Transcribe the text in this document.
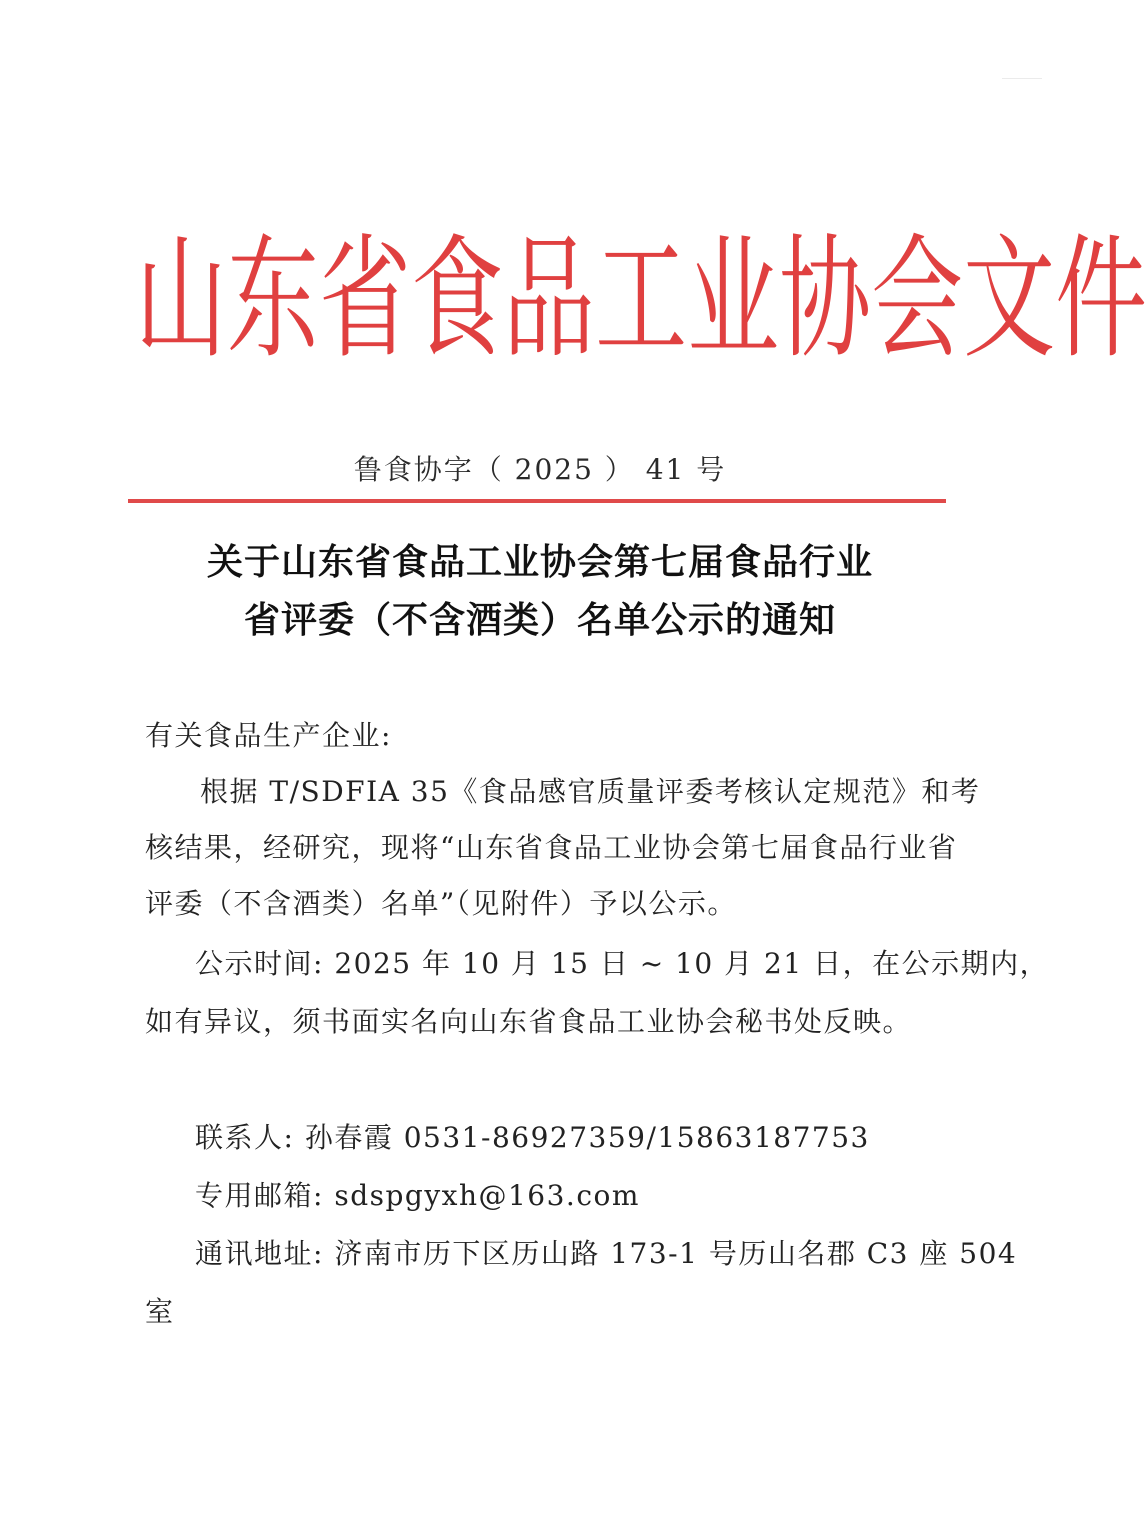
山 东 省 食 品 工 业 协 会 文 件
鲁食协字（ 2025 ） 41 号
关于山东省食品工业协会第七届食品行业
省评委（不含酒类）名单公示的通知
有关食品生产企业:
根据 T/SDFIA 35《食品感官质量评委考核认定规范》和考
核结果，经研究，现将“山东省食品工业协会第七届食品行业省
评委（不含酒类）名单”（见附件）予以公示。
公示时间: 2025 年 10 月 15 日 ~ 10 月 21 日，在公示期内，
如有异议，须书面实名向山东省食品工业协会秘书处反映。
联系人: 孙春霞 0531-86927359/15863187753
专用邮箱: sdspgyxh@163.com
通讯地址: 济南市历下区历山路 173-1 号历山名郡 C3 座 504
室
